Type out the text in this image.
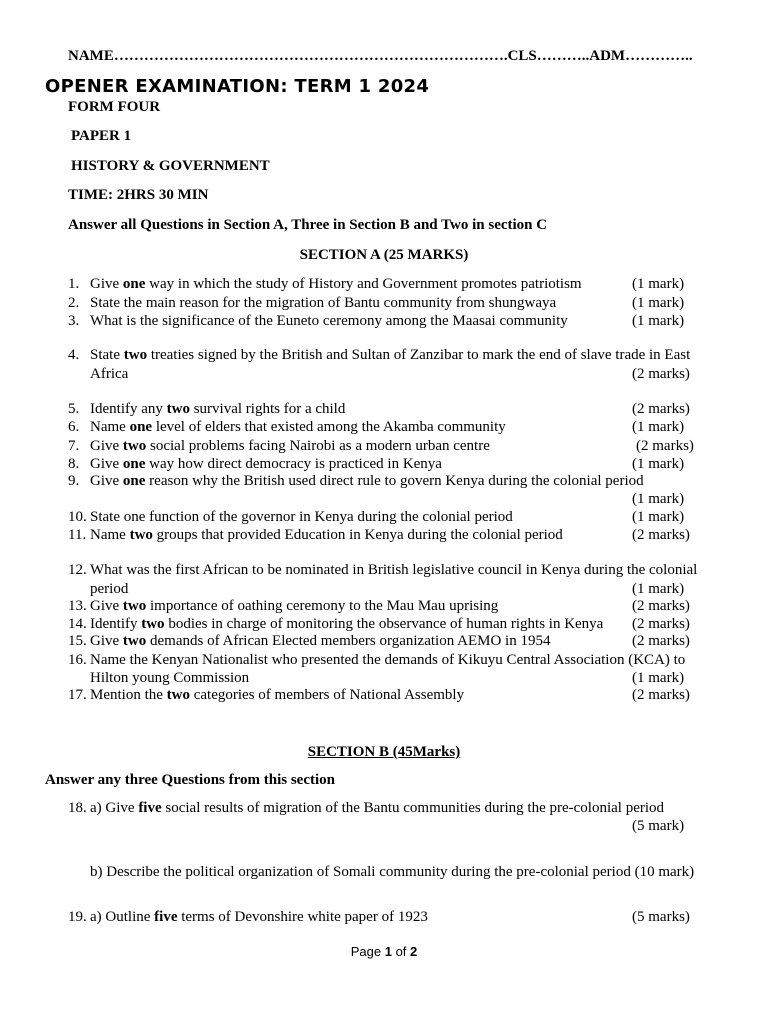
NAME…………………………………………………………………….CLS………..ADM…………..
OPENER EXAMINATION: TERM 1 2024
FORM FOUR
PAPER 1
HISTORY & GOVERNMENT
TIME: 2HRS 30 MIN
Answer all Questions in Section A, Three in Section B and Two in section C
SECTION A (25 MARKS)
1. Give one way in which the study of History and Government promotes patriotism	(1 mark)
2. State the main reason for the migration of Bantu community from shungwaya	(1 mark)
3. What is the significance of the Euneto ceremony among the Maasai community	(1 mark)
4. State two treaties signed by the British and Sultan of Zanzibar to mark the end of slave trade in East
Africa	(2 marks)
5. Identify any two survival rights for a child	(2 marks)
6. Name one level of elders that existed among the Akamba community	(1 mark)
7. Give two social problems facing Nairobi as a modern urban centre	(2 marks)
8. Give one way how direct democracy is practiced in Kenya	(1 mark)
9. Give one reason why the British used direct rule to govern Kenya during the colonial period
(1 mark)
10. State one function of the governor in Kenya during the colonial period	(1 mark)
11. Name two groups that provided Education in Kenya during the colonial period	(2 marks)
12. What was the first African to be nominated in British legislative council in Kenya during the colonial
period	(1 mark)
13. Give two importance of oathing ceremony to the Mau Mau uprising	(2 marks)
14. Identify two bodies in charge of monitoring the observance of human rights in Kenya (2 marks)
15. Give two demands of African Elected members organization AEMO in 1954	(2 marks)
16. Name the Kenyan Nationalist who presented the demands of Kikuyu Central Association (KCA) to
Hilton young Commission	(1 mark)
17. Mention the two categories of members of National Assembly	(2 marks)
SECTION B (45Marks)
Answer any three Questions from this section
18. a) Give five social results of migration of the Bantu communities during the pre-colonial period
(5 mark)
b) Describe the political organization of Somali community during the pre-colonial period (10 mark)
19. a) Outline five terms of Devonshire white paper of 1923	(5 marks)
Page 1 of 2
